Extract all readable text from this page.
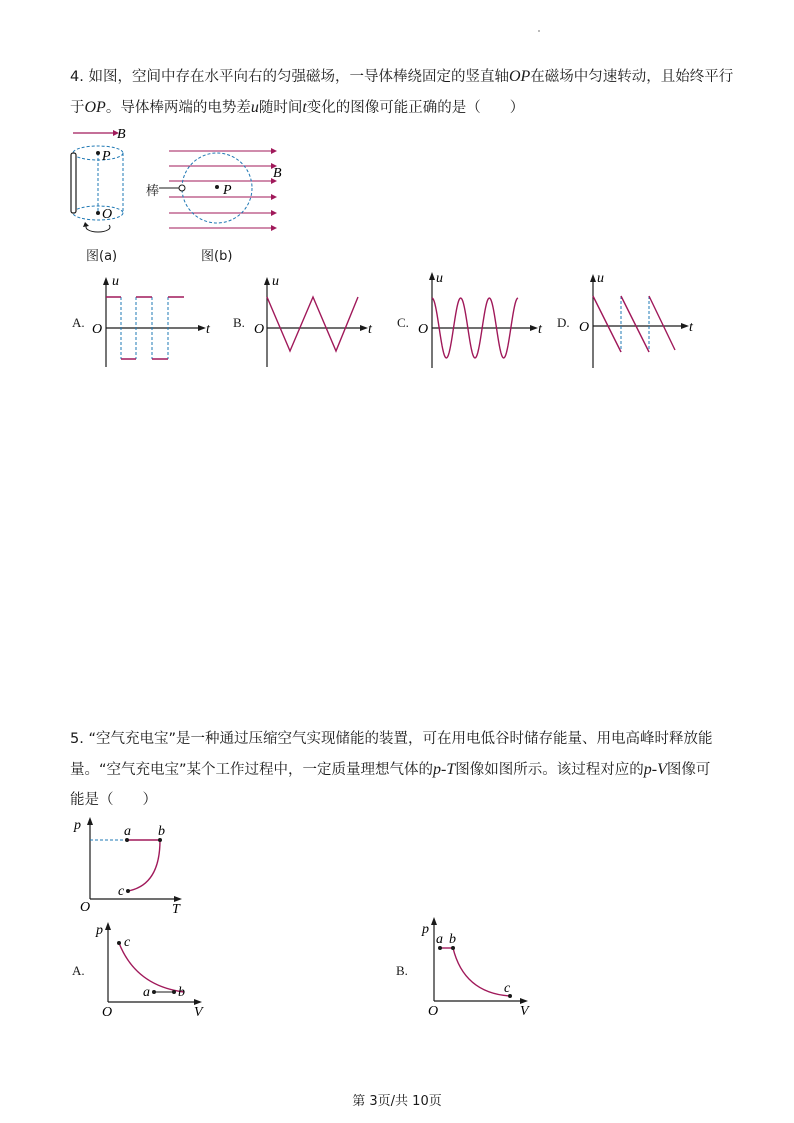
4. 如图，空间中存在水平向右的匀强磁场，一导体棒绕固定的竖直轴OP在磁场中匀速转动，且始终平行
于OP。导体棒两端的电势差u随时间t变化的图像可能正确的是（　　）
B
P
O
图(a)
B
P
棒
图(b)
A.
u
t
O	B.
u
t
O	C.
u
t
O	D.
u
t
O
5. “空气充电宝”是一种通过压缩空气实现储能的装置，可在用电低谷时储存能量、用电高峰时释放能
量。“空气充电宝”某个工作过程中，一定质量理想气体的p-T图像如图所示。该过程对应的p-V图像可
能是（　　）
p
T
O
a b
c
A.
p
V
O
c
a b
B.
p
V
O
a b
c
第 3页/共 10页
